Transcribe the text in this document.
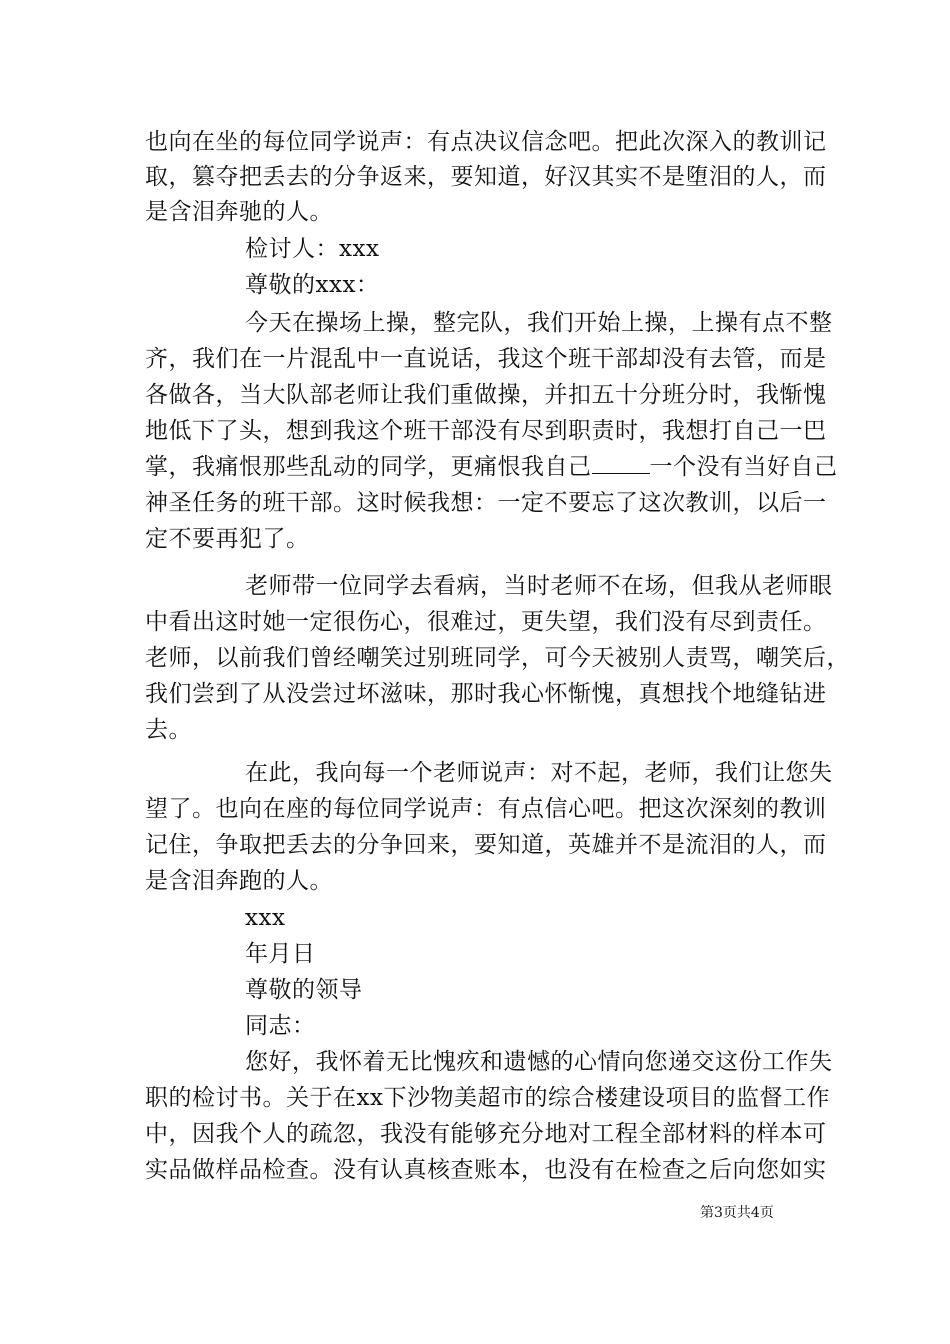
也向在坐的每位同学说声：有点决议信念吧。把此次深入的教训记
取，篡夺把丢去的分争返来，要知道，好汉其实不是堕泪的人，而
是含泪奔驰的人。
检讨人：xxx
尊敬的xxx：
今天在操场上操，整完队，我们开始上操，上操有点不整
齐，我们在一片混乱中一直说话，我这个班干部却没有去管，而是
各做各，当大队部老师让我们重做操，并扣五十分班分时，我惭愧
地低下了头，想到我这个班干部没有尽到职责时，我想打自己一巴
掌，我痛恨那些乱动的同学，更痛恨我自己	一个没有当好自己
神圣任务的班干部。这时候我想：一定不要忘了这次教训，以后一
定不要再犯了。
老师带一位同学去看病，当时老师不在场，但我从老师眼
中看出这时她一定很伤心，很难过，更失望，我们没有尽到责任。
老师，以前我们曾经嘲笑过别班同学，可今天被别人责骂，嘲笑后，
我们尝到了从没尝过坏滋味，那时我心怀惭愧，真想找个地缝钻进
去。
在此，我向每一个老师说声：对不起，老师，我们让您失
望了。也向在座的每位同学说声：有点信心吧。把这次深刻的教训
记住，争取把丢去的分争回来，要知道，英雄并不是流泪的人，而
是含泪奔跑的人。
xxx
年月日
尊敬的领导
同志：
您好，我怀着无比愧疚和遗憾的心情向您递交这份工作失
职的检讨书。关于在xx下沙物美超市的综合楼建设项目的监督工作
中，因我个人的疏忽，我没有能够充分地对工程全部材料的样本可
实品做样品检查。没有认真核查账本，也没有在检查之后向您如实
第3页共4页
